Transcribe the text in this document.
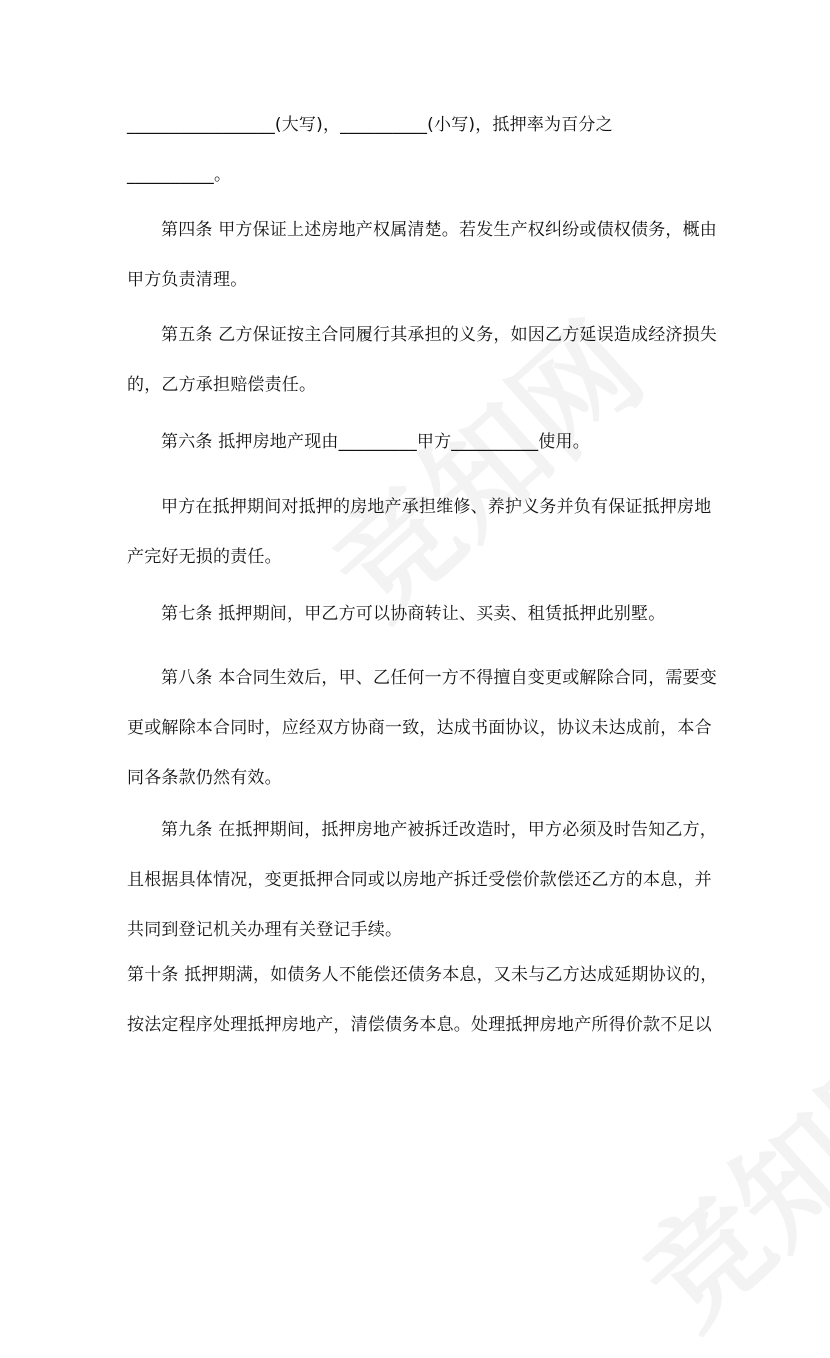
_________________(大写)，__________(小写)，抵押率为百分之

__________。

第四条 甲方保证上述房地产权属清楚。若发生产权纠纷或债权债务，概由

甲方负责清理。

第五条 乙方保证按主合同履行其承担的义务，如因乙方延误造成经济损失

的，乙方承担赔偿责任。

第六条 抵押房地产现由_________甲方__________使用。

甲方在抵押期间对抵押的房地产承担维修、养护义务并负有保证抵押房地

产完好无损的责任。

第七条 抵押期间，甲乙方可以协商转让、买卖、租赁抵押此别墅。

第八条 本合同生效后，甲、乙任何一方不得擅自变更或解除合同，需要变

更或解除本合同时，应经双方协商一致，达成书面协议，协议未达成前，本合

同各条款仍然有效。

第九条 在抵押期间，抵押房地产被拆迁改造时，甲方必须及时告知乙方，

且根据具体情况，变更抵押合同或以房地产拆迁受偿价款偿还乙方的本息，并

共同到登记机关办理有关登记手续。

第十条 抵押期满，如债务人不能偿还债务本息，又未与乙方达成延期协议的，

按法定程序处理抵押房地产，清偿债务本息。处理抵押房地产所得价款不足以
